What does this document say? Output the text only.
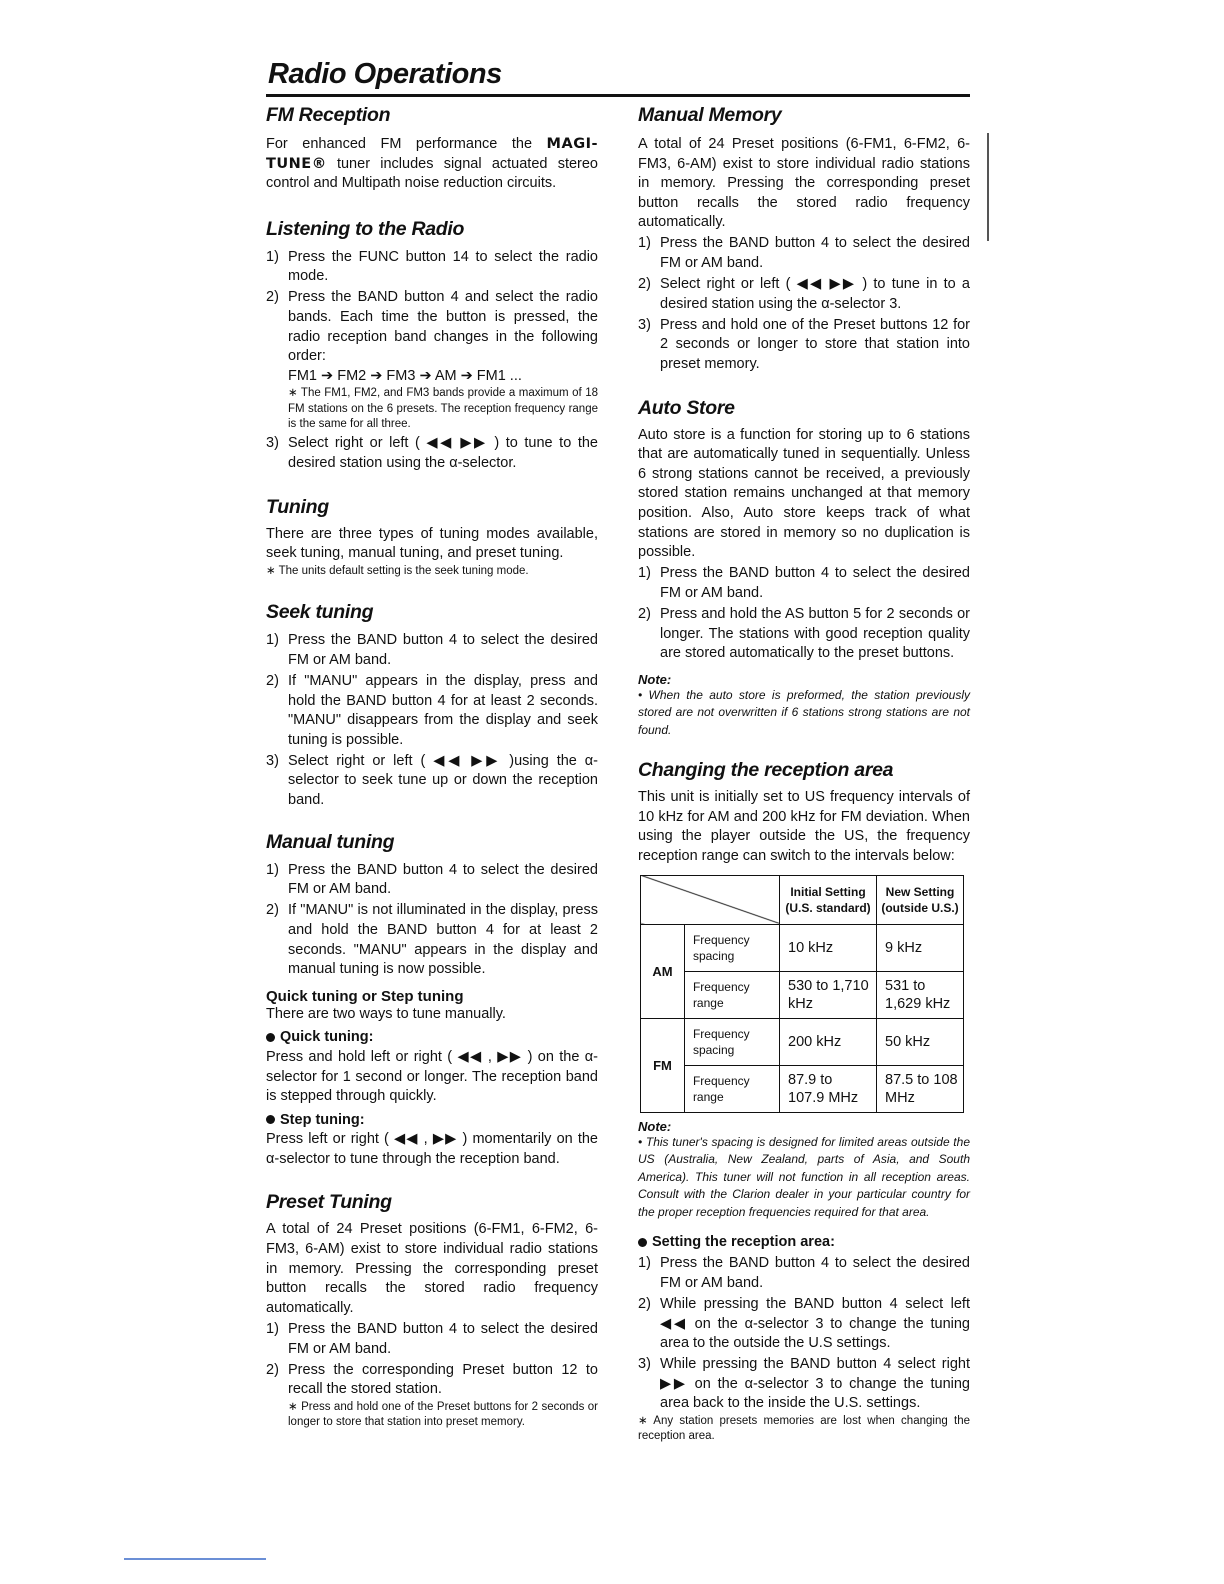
Radio Operations
FM Reception

For enhanced FM performance the MAGI-TUNE® tuner includes signal actuated stereo control and Multipath noise reduction circuits.

Listening to the Radio
1) Press the FUNC button 14 to select the radio mode.
2) Press the BAND button 4 and select the radio bands. Each time the button is pressed, the radio reception band changes in the following order:

FM1 ➔ FM2 ➔ FM3 ➔ AM ➔ FM1 ...

∗ The FM1, FM2, and FM3 bands provide a maximum of 18 FM stations on the 6 presets. The reception frequency range is the same for all three.

3) Select right or left ( ◀◀ ▶▶ ) to tune to the desired station using the α-selector.
Tuning

There are three types of tuning modes available, seek tuning, manual tuning, and preset tuning.

∗ The units default setting is the seek tuning mode.

Seek tuning
1) Press the BAND button 4 to select the desired FM or AM band.
2) If "MANU" appears in the display, press and hold the BAND button 4 for at least 2 seconds. "MANU" disappears from the display and seek tuning is possible.
3) Select right or left ( ◀◀ ▶▶ )using the α-selector to seek tune up or down the reception band.
Manual tuning
1) Press the BAND button 4 to select the desired FM or AM band.
2) If "MANU" is not illuminated in the display, press and hold the BAND button 4 for at least 2 seconds. "MANU" appears in the display and manual tuning is now possible.
Quick tuning or Step tuning

There are two ways to tune manually.

Quick tuning:

Press and hold left or right ( ◀◀ , ▶▶ ) on the α-selector for 1 second or longer. The reception band is stepped through quickly.

Step tuning:

Press left or right ( ◀◀ , ▶▶ ) momentarily on the α-selector to tune through the reception band.

Preset Tuning

A total of 24 Preset positions (6-FM1, 6-FM2, 6-FM3, 6-AM) exist to store individual radio stations in memory. Pressing the corresponding preset button recalls the stored radio frequency automatically.

1) Press the BAND button 4 to select the desired FM or AM band.
2) Press the corresponding Preset button 12 to recall the stored station.

∗ Press and hold one of the Preset buttons for 2 seconds or longer to store that station into preset memory.

Manual Memory

A total of 24 Preset positions (6-FM1, 6-FM2, 6-FM3, 6-AM) exist to store individual radio stations in memory. Pressing the corresponding preset button recalls the stored radio frequency automatically.

1) Press the BAND button 4 to select the desired FM or AM band.
2) Select right or left ( ◀◀ ▶▶ ) to tune in to a desired station using the α-selector 3.
3) Press and hold one of the Preset buttons 12 for 2 seconds or longer to store that station into preset memory.
Auto Store

Auto store is a function for storing up to 6 stations that are automatically tuned in sequentially. Unless 6 strong stations cannot be received, a previously stored station remains unchanged at that memory position. Also, Auto store keeps track of what stations are stored in memory so no duplication is possible.

1) Press the BAND button 4 to select the desired FM or AM band.
2) Press and hold the AS button 5 for 2 seconds or longer. The stations with good reception quality are stored automatically to the preset buttons.

Note:

• When the auto store is preformed, the station previously stored are not overwritten if 6 stations strong stations are not found.

Changing the reception area

This unit is initially set to US frequency intervals of 10 kHz for AM and 200 kHz for FM deviation. When using the player outside the US, the frequency reception range can switch to the intervals below:

		Initial Setting (U.S. standard)	New Setting (outside U.S.)
AM	Frequency spacing	10 kHz	9 kHz
	Frequency range	530 to 1,710 kHz	531 to 1,629 kHz
FM	Frequency spacing	200 kHz	50 kHz
	Frequency range	87.9 to 107.9 MHz	87.5 to 108 MHz

Note:

• This tuner's spacing is designed for limited areas outside the US (Australia, New Zealand, parts of Asia, and South America). This tuner will not function in all reception areas. Consult with the Clarion dealer in your particular country for the proper reception frequencies required for that area.

Setting the reception area:

1) Press the BAND button 4 to select the desired FM or AM band.
2) While pressing the BAND button 4 select left ◀◀ on the α-selector 3 to change the tuning area to the outside the U.S settings.
3) While pressing the BAND button 4 select right ▶▶ on the α-selector 3 to change the tuning area back to the inside the U.S. settings.

∗ Any station presets memories are lost when changing the reception area.
